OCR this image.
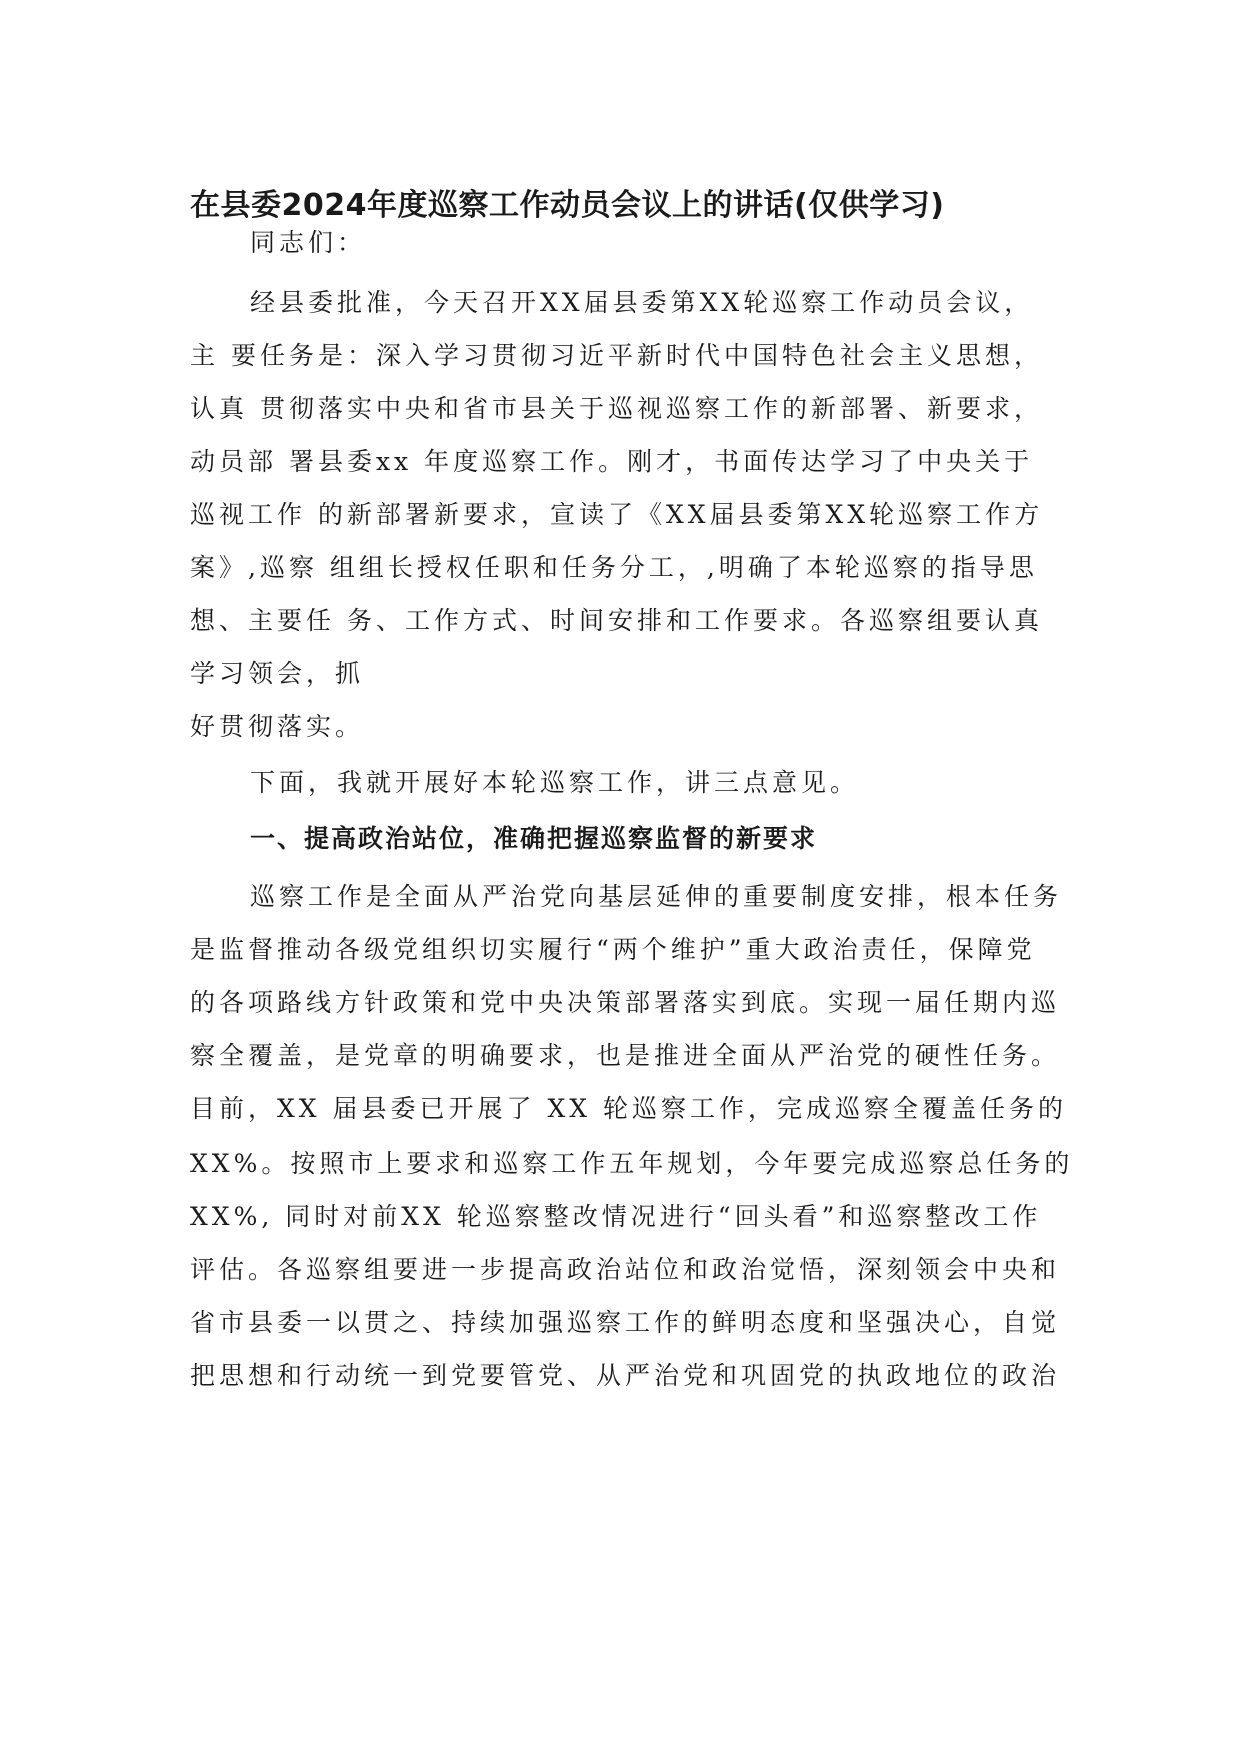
在县委2024年度巡察工作动员会议上的讲话(仅供学习)
同志们：
经县委批准，今天召开XX届县委第XX轮巡察工作动员会议，
主 要任务是：深入学习贯彻习近平新时代中国特色社会主义思想，
认真 贯彻落实中央和省市县关于巡视巡察工作的新部署、新要求，
动员部 署县委xx 年度巡察工作。刚才，书面传达学习了中央关于
巡视工作 的新部署新要求，宣读了《XX届县委第XX轮巡察工作方
案》,巡察 组组长授权任职和任务分工，,明确了本轮巡察的指导思
想、主要任 务、工作方式、时间安排和工作要求。各巡察组要认真
学习领会，抓
好贯彻落实。
下面，我就开展好本轮巡察工作，讲三点意见。
一、提高政治站位，准确把握巡察监督的新要求
巡察工作是全面从严治党向基层延伸的重要制度安排，根本任务
是监督推动各级党组织切实履行“两个维护”重大政治责任，保障党
的各项路线方针政策和党中央决策部署落实到底。实现一届任期内巡
察全覆盖，是党章的明确要求，也是推进全面从严治党的硬性任务。
目前，XX 届县委已开展了 XX 轮巡察工作，完成巡察全覆盖任务的
XX%。按照市上要求和巡察工作五年规划，今年要完成巡察总任务的
XX%, 同时对前XX 轮巡察整改情况进行“回头看”和巡察整改工作
评估。各巡察组要进一步提高政治站位和政治觉悟，深刻领会中央和
省市县委一以贯之、持续加强巡察工作的鲜明态度和坚强决心，自觉
把思想和行动统一到党要管党、从严治党和巩固党的执政地位的政治
